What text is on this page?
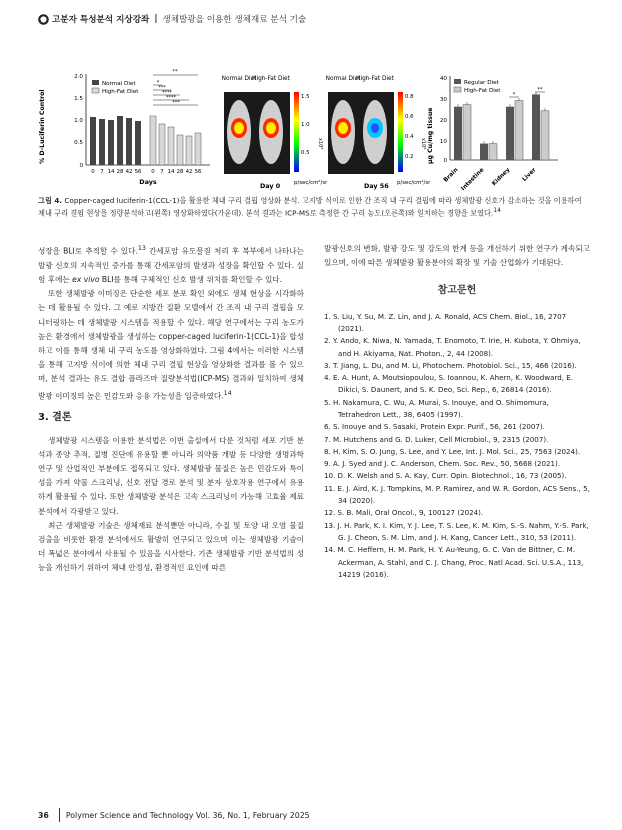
고분자 특성분석 지상강좌 | 생체발광을 이용한 생체재료 분석 기술
% D-Luciferin Control
2.0
1.5
1.0
0.5
0
Normal Diet
High-Fat Diet
**
*
***
****
****
***
0 7 14 28 42 56 0 7 14 28 42 56
Days
Normal Diet
High-Fat Diet
1.5
1.0
0.5
x10⁸
p/sec/cm²/sr
Day 0
Normal Diet
High-Fat Diet
0.8
0.6
0.4
0.2
x10⁸
p/sec/cm²/sr
Day 56
µg Cu/mg tissue
40
30
20
10
0
Regular Diet
High-Fat Diet
*
**
Brain Intestine Kidney Liver
그림 4. Copper-caged luciferin-1(CCL-1)을 활용한 체내 구리 결핍 영상화 분석. 고지방 식이로 인한 간 조직 내 구리 결핍에 따라 생체발광 신호가 감소하는 것을 이용하여 체내 구리 결핍 현상을 정량분석하고(왼쪽) 영상화하였다(가운데). 분석 결과는 ICP-MS로 측정한 간 구리 농도(오른쪽)와 일치하는 경향을 보였다.$^{14}$

성장을 BLI로 추적할 수 있다.$^{13}$ 간세포암 유도물질 처리 후 복부에서 나타나는 발광 신호의 지속적인 증가를 통해 간세포암의 발생과 성장을 확인할 수 있다. 실험 후에는 ex vivo BLI를 통해 구체적인 신호 발생 위치를 확인할 수 있다.

또한 생체발광 이미징은 단순한 세포 분포 확인 외에도 생체 현상을 시각화하는 데 활용될 수 있다. 그 예로 지방간 질환 모델에서 간 조직 내 구리 결핍을 모니터링하는 데 생체발광 시스템을 적용할 수 있다. 해당 연구에서는 구리 농도가 높은 환경에서 생체발광을 생성하는 copper-caged luciferin-1(CCL-1)을 합성하고 이를 통해 생체 내 구리 농도를 영상화하였다. 그림 4에서는 이러한 시스템을 통해 고지방 식이에 의한 체내 구리 결핍 현상을 영상화한 결과를 볼 수 있으며, 분석 결과는 유도 결합 플라즈마 질량분석법(ICP-MS) 결과와 일치하여 생체발광 이미징의 높은 민감도와 응용 가능성을 입증하였다.$^{14}$

3. 결론

생체발광 시스템을 이용한 분석법은 이번 출설에서 다룬 것처럼 세포 기반 분석과 종양 추적, 질병 진단에 유용할 뿐 아니라 의약품 개발 등 다양한 생명과학 연구 및 산업적인 부분에도 접목되고 있다. 생체발광 물질은 높은 민감도와 특이성을 가져 약물 스크리닝, 신호 전달 경로 분석 및 분자 상호작용 연구에서 유용하게 활용될 수 있다. 또한 생체발광 분석은 고속 스크리닝이 가능해 고효율 제료 분석에서 각광받고 있다.

최근 생체발광 기술은 생체재료 분석뿐만 아니라, 수질 및 토양 내 오염 물질 검출을 비롯한 환경 분석에서도 활발히 연구되고 있으며 이는 생체발광 기술이 더 폭넓은 분야에서 사용될 수 있음을 시사한다. 기존 생체발광 기반 분석법의 성능을 개선하기 위하여 체내 안정성, 환경적인 요인에 따른

발광신호의 변화, 발광 강도 및 강도의 한계 등을 개선하기 위한 연구가 계속되고 있으며, 이에 따른 생체발광 활용분야의 확장 및 기술 산업화가 기대된다.

참고문헌
1. S. Liu, Y. Su, M. Z. Lin, and J. A. Ronald, ACS Chem. Biol., 16, 2707 (2021).
2. Y. Ando, K. Niwa, N. Yamada, T. Enomoto, T. Irie, H. Kubota, Y. Ohmiya, and H. Akiyama, Nat. Photon., 2, 44 (2008).
3. T. Jiang, L. Du, and M. Li, Photochem. Photobiol. Sci., 15, 466 (2016).
4. E. A. Hunt, A. Moutsiopoulou, S. Ioannou, K. Ahern, K. Woodward, E. Dikici, S. Daunert, and S. K. Deo, Sci. Rep., 6, 26814 (2016).
5. H. Nakamura, C. Wu, A. Murai, S. Inouye, and O. Shimomura, Tetrahedron Lett., 38, 6405 (1997).
6. S. Inouye and S. Sasaki, Protein Expr. Purif., 56, 261 (2007).
7. M. Hutchens and G. D. Luker, Cell Microbiol., 9, 2315 (2007).
8. H. Kim, S. O. Jung, S. Lee, and Y. Lee, Int. J. Mol. Sci., 25, 7563 (2024).
9. A. J. Syed and J. C. Anderson, Chem. Soc. Rev., 50, 5668 (2021).
10. D. K. Welsh and S. A. Kay, Curr. Opin. Biotechnol., 16, 73 (2005).
11. E. J. Aird, K. J. Tompkins, M. P. Ramirez, and W. R. Gordon, ACS Sens., 5, 34 (2020).
12. S. B. Mali, Oral Oncol., 9, 100127 (2024).
13. J. H. Park, K. I. Kim, Y. J. Lee, T. S. Lee, K. M. Kim, S.-S. Nahm, Y.-S. Park, G. J. Cheon, S. M. Lim, and J. H. Kang, Cancer Lett., 310, 53 (2011).
14. M. C. Heffern, H. M. Park, H. Y. Au-Yeung, G. C. Van de Bittner, C. M. Ackerman, A. Stahl, and C. J. Chang, Proc. Natl Acad. Sci. U.S.A., 113, 14219 (2016).
36 Polymer Science and Technology Vol. 36, No. 1, February 2025
